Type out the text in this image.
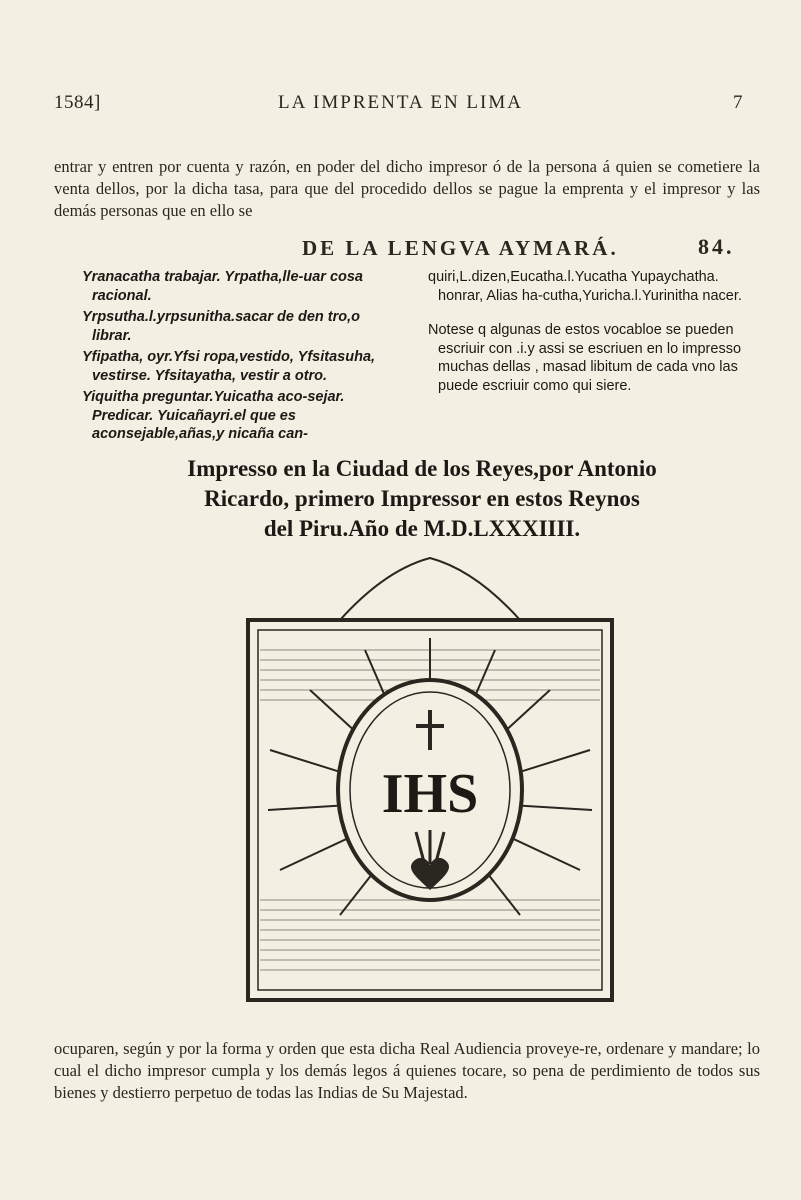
1584]	LA IMPRENTA EN LIMA	7
entrar y entren por cuenta y razón, en poder del dicho impresor ó de la persona á quien se cometiere la venta dellos, por la dicha tasa, para que del procedido dellos se pague la emprenta y el impresor y las demás personas que en ello se
DE LA LENGVA AYMARÁ.	84.

Yranacatha trabajar. Yrpatha,lle-uar cosa racional.

Yrpsutha.l.yrpsunitha.sacar de den tro,o librar.

Yfipatha, oyr.Yfsi ropa,vestido, Yfsitasuha, vestirse. Yfsitayatha, vestir a otro.

Yiquitha preguntar.Yuicatha aco-sejar. Predicar. Yuicañayri.el que es aconsejable,añas,y nicaña can-

quiri,L.dizen,Eucatha.l.Yucatha Yupaychatha. honrar, Alias ha-cutha,Yuricha.l.Yurinitha nacer.

Notese q algunas de estos vocabloe se pueden escriuir con .i.y assi se escriuen en lo impresso muchas dellas , masad libitum de cada vno las puede escriuir como qui siere.

Impresso en la Ciudad de los Reyes,por Antonio
Ricardo, primero Impressor en estos Reynos
del Piru.Año de M.D.LXXXIIII.
IHS
ocuparen, según y por la forma y orden que esta dicha Real Audiencia proveye-re, ordenare y mandare; lo cual el dicho impresor cumpla y los demás legos á quienes tocare, so pena de perdimiento de todos sus bienes y destierro perpetuo de todas las Indias de Su Majestad.
